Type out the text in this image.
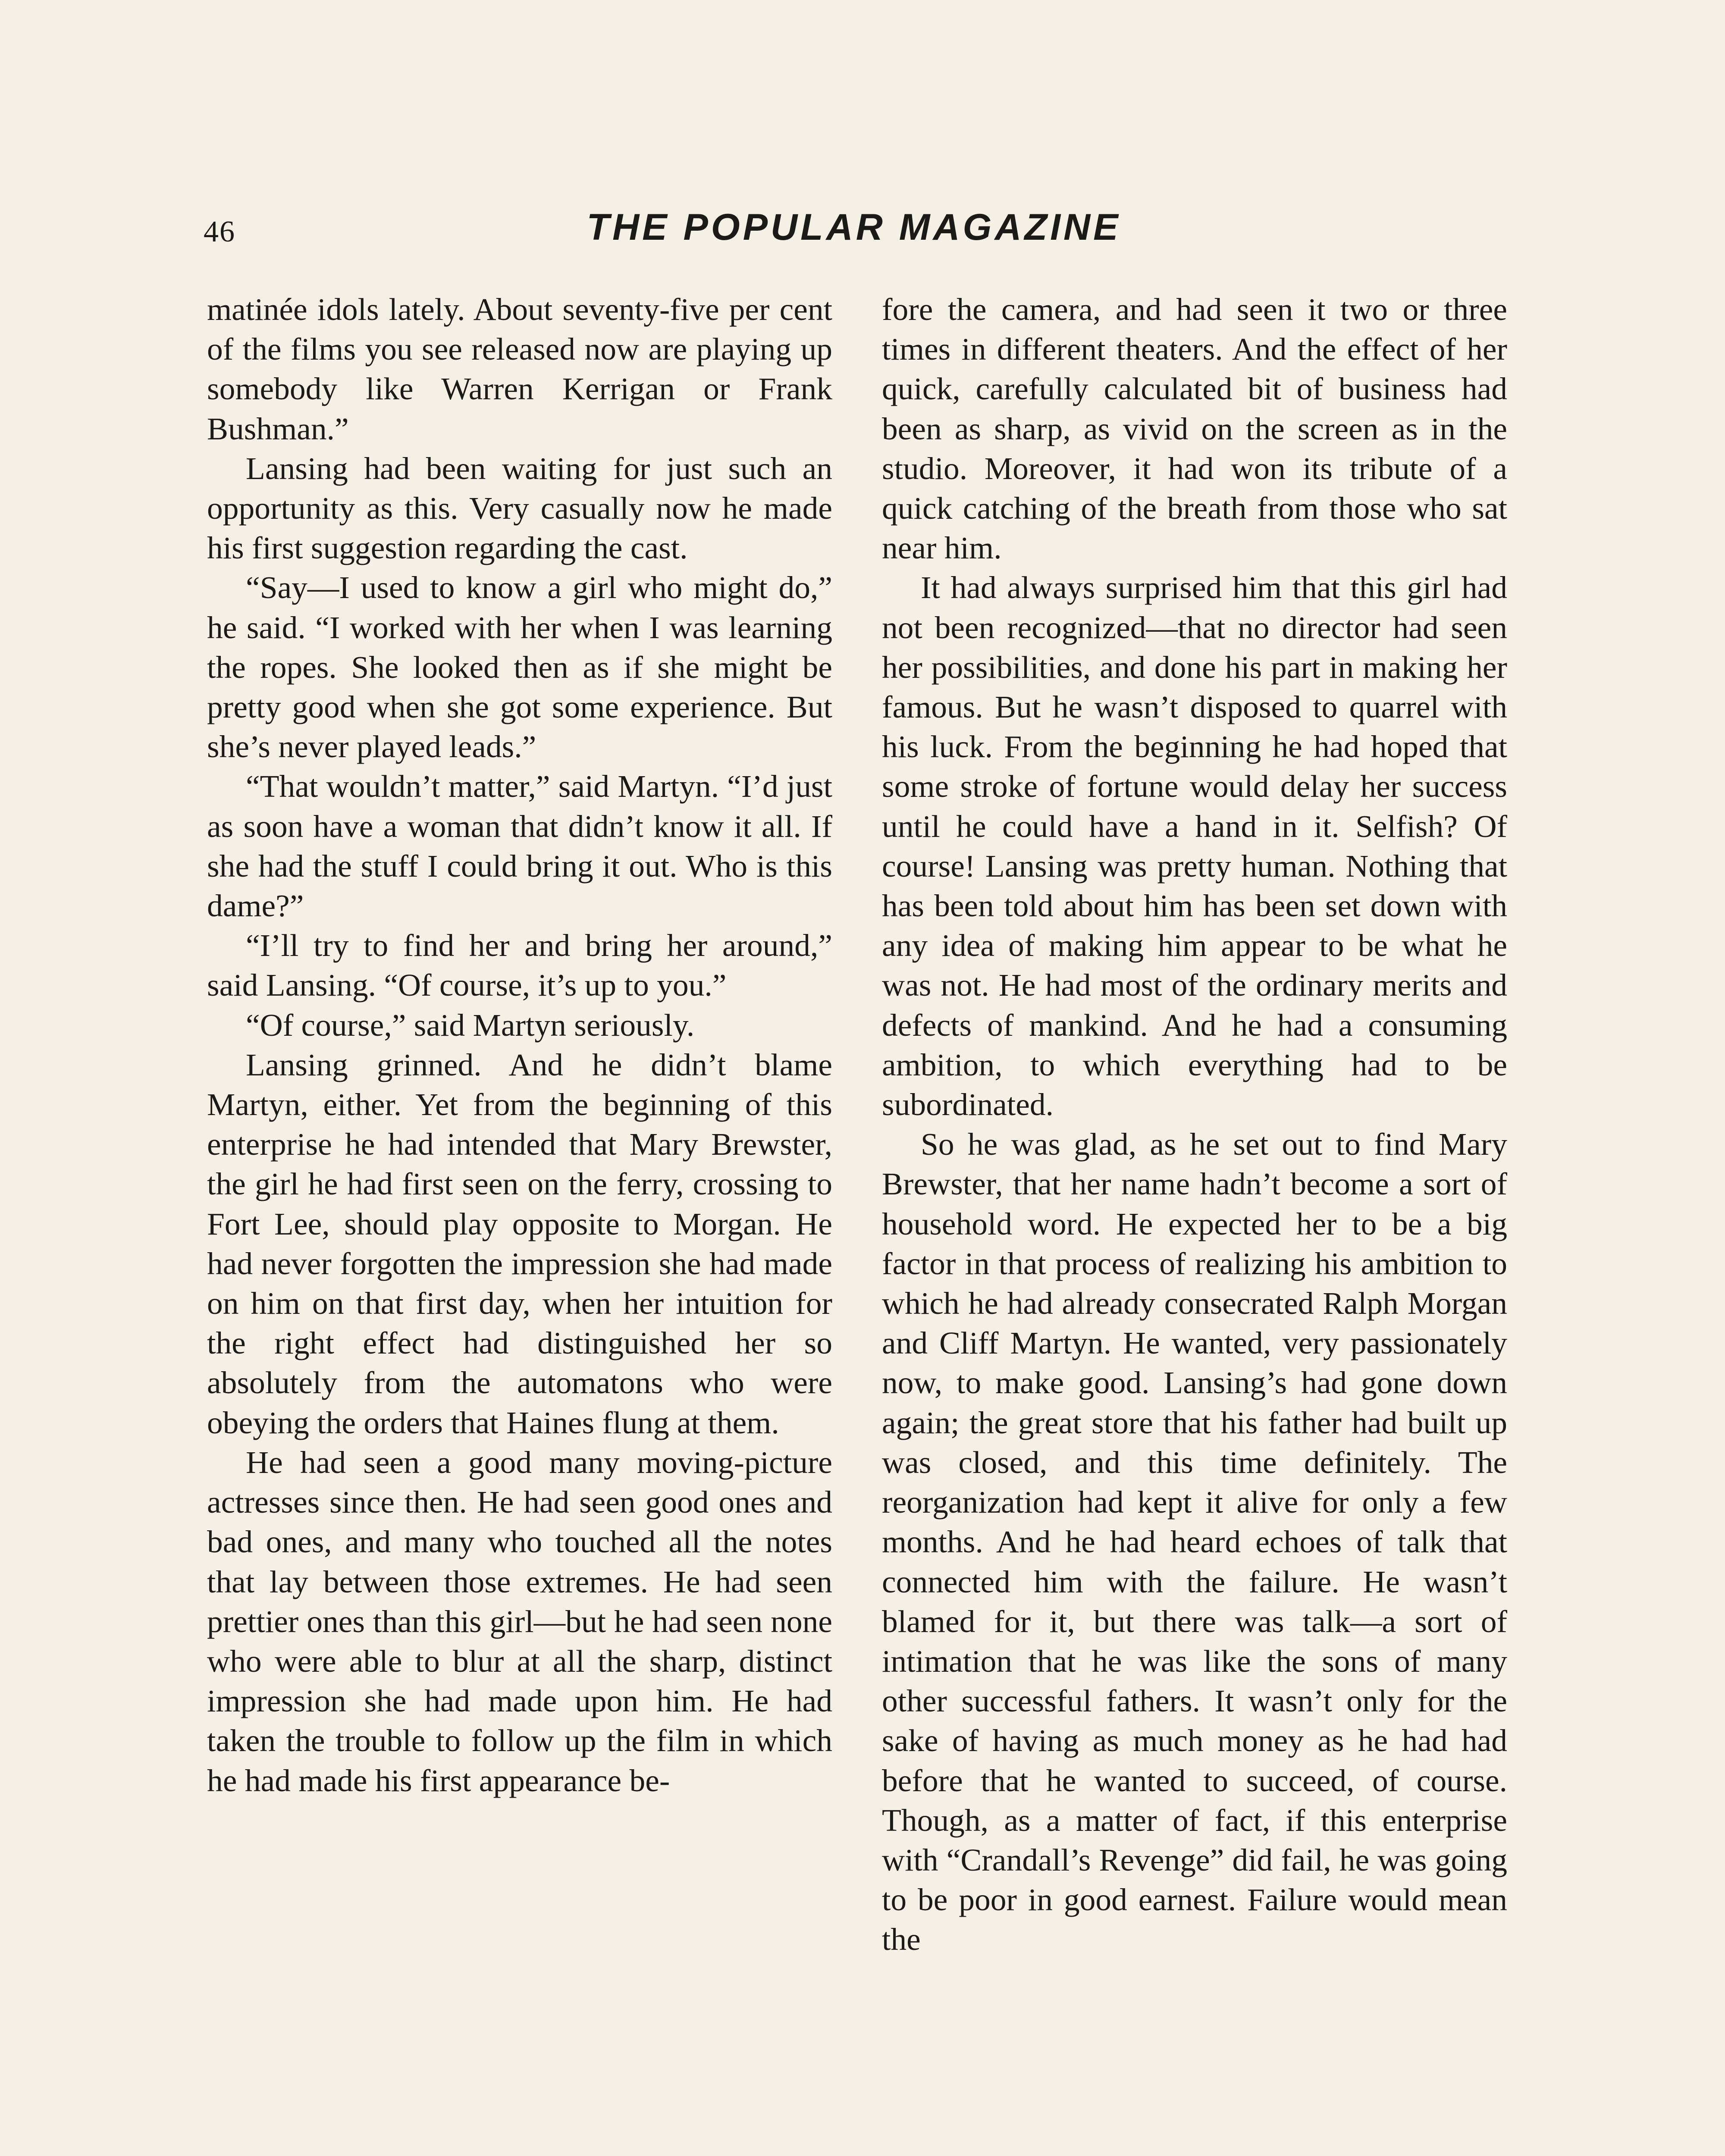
46	THE POPULAR MAGAZINE

matinée idols lately. About seventy-five per cent of the films you see released now are playing up somebody like Warren Kerrigan or Frank Bushman.”

Lansing had been waiting for just such an opportunity as this. Very casually now he made his first suggestion regarding the cast.

“Say—I used to know a girl who might do,” he said. “I worked with her when I was learning the ropes. She looked then as if she might be pretty good when she got some experience. But she’s never played leads.”

“That wouldn’t matter,” said Martyn. “I’d just as soon have a woman that didn’t know it all. If she had the stuff I could bring it out. Who is this dame?”

“I’ll try to find her and bring her around,” said Lansing. “Of course, it’s up to you.”

“Of course,” said Martyn seriously.

Lansing grinned. And he didn’t blame Martyn, either. Yet from the beginning of this enterprise he had intended that Mary Brewster, the girl he had first seen on the ferry, crossing to Fort Lee, should play opposite to Morgan. He had never forgotten the impression she had made on him on that first day, when her intuition for the right effect had distinguished her so absolutely from the automatons who were obeying the orders that Haines flung at them.

He had seen a good many moving-picture actresses since then. He had seen good ones and bad ones, and many who touched all the notes that lay between those extremes. He had seen prettier ones than this girl—but he had seen none who were able to blur at all the sharp, distinct impression she had made upon him. He had taken the trouble to follow up the film in which he had made his first appearance be-

fore the camera, and had seen it two or three times in different theaters. And the effect of her quick, carefully calculated bit of business had been as sharp, as vivid on the screen as in the studio. Moreover, it had won its tribute of a quick catching of the breath from those who sat near him.

It had always surprised him that this girl had not been recognized—that no director had seen her possibilities, and done his part in making her famous. But he wasn’t disposed to quarrel with his luck. From the beginning he had hoped that some stroke of fortune would delay her success until he could have a hand in it. Selfish? Of course! Lansing was pretty human. Nothing that has been told about him has been set down with any idea of making him appear to be what he was not. He had most of the ordinary merits and defects of mankind. And he had a consuming ambition, to which everything had to be subordinated.

So he was glad, as he set out to find Mary Brewster, that her name hadn’t become a sort of household word. He expected her to be a big factor in that process of realizing his ambition to which he had already consecrated Ralph Morgan and Cliff Martyn. He wanted, very passionately now, to make good. Lansing’s had gone down again; the great store that his father had built up was closed, and this time definitely. The reorganization had kept it alive for only a few months. And he had heard echoes of talk that connected him with the failure. He wasn’t blamed for it, but there was talk—a sort of intimation that he was like the sons of many other successful fathers. It wasn’t only for the sake of having as much money as he had had before that he wanted to succeed, of course. Though, as a matter of fact, if this enterprise with “Crandall’s Revenge” did fail, he was going to be poor in good earnest. Failure would mean the
